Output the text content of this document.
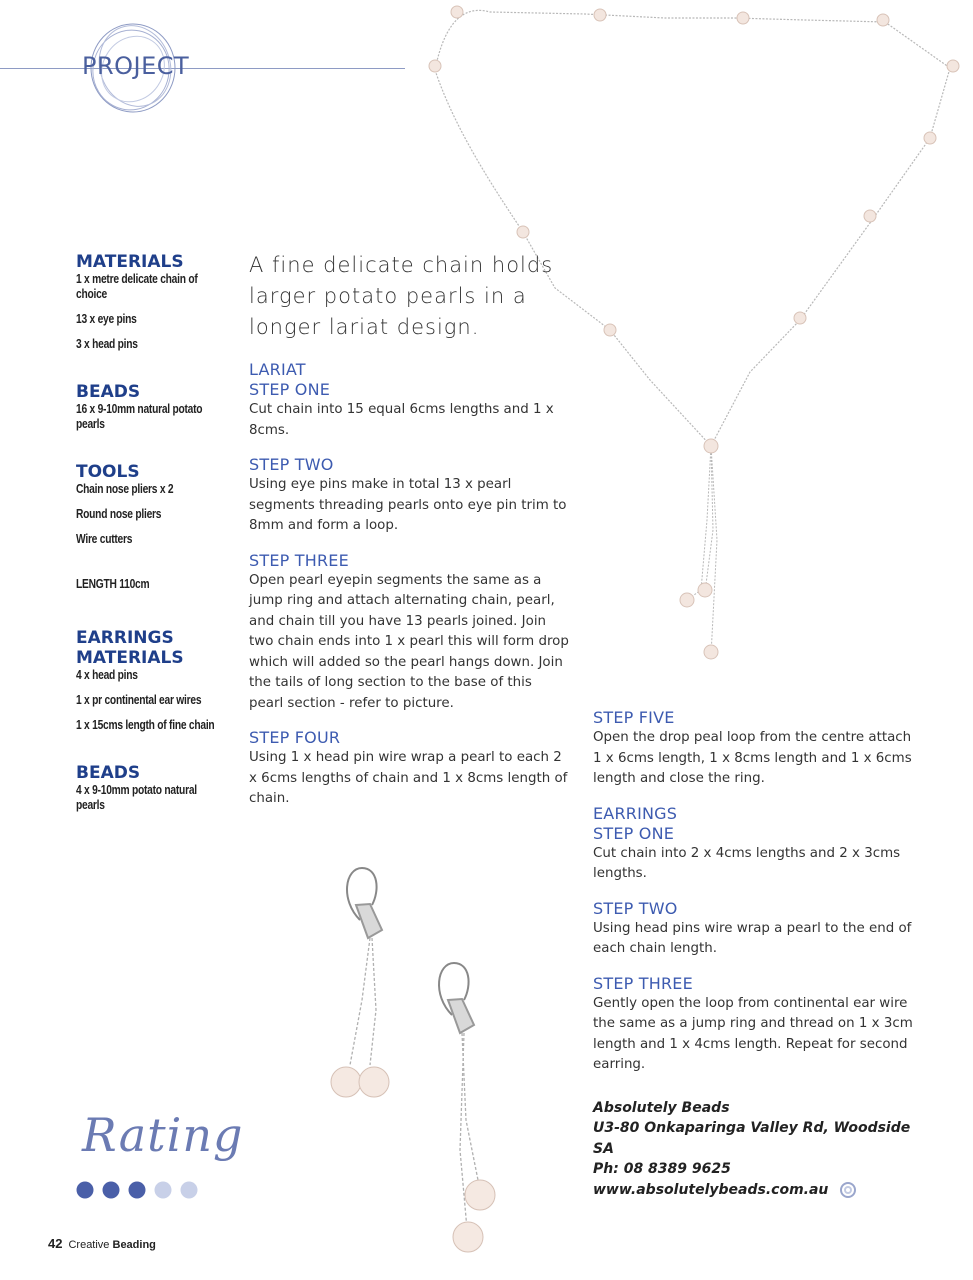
PROJECT

MATERIALS

1 x metre delicate chain of choice

13 x eye pins

3 x head pins

BEADS

16 x 9-10mm natural potato pearls

TOOLS

Chain nose pliers x 2

Round nose pliers

Wire cutters

LENGTH 110cm

EARRINGS

MATERIALS

4 x head pins

1 x pr continental ear wires

1 x 15cms length of fine chain

BEADS

4 x 9-10mm potato natural pearls

A fine delicate chain holds larger potato pearls in a longer lariat design.

LARIAT

STEP ONE

Cut chain into 15 equal 6cms lengths and 1 x 8cms.

STEP TWO

Using eye pins make in total 13 x pearl segments threading pearls onto eye pin trim to 8mm and form a loop.

STEP THREE

Open pearl eyepin segments the same as a jump ring and attach alternating chain, pearl, and chain till you have 13 pearls joined. Join two chain ends into 1 x pearl this will form drop which will added so the pearl hangs down. Join the tails of long section to the base of this pearl section - refer to picture.

STEP FOUR

Using 1 x head pin wire wrap a pearl to each 2 x 6cms lengths of chain and 1 x 8cms length of chain.

STEP FIVE

Open the drop peal loop from the centre attach 1 x 6cms length, 1 x 8cms length and 1 x 6cms length and close the ring.

EARRINGS

STEP ONE

Cut chain into 2 x 4cms lengths and 2 x 3cms lengths.

STEP TWO

Using head pins wire wrap a pearl to the end of each chain length.

STEP THREE

Gently open the loop from continental ear wire the same as a jump ring and thread on 1 x 3cm length and 1 x 4cms length. Repeat for second earring.

Absolutely Beads
U3-80 Onkaparinga Valley Rd, Woodside SA
Ph: 08 8389 9625
www.absolutelybeads.com.au
Rating
42 Creative Beading
